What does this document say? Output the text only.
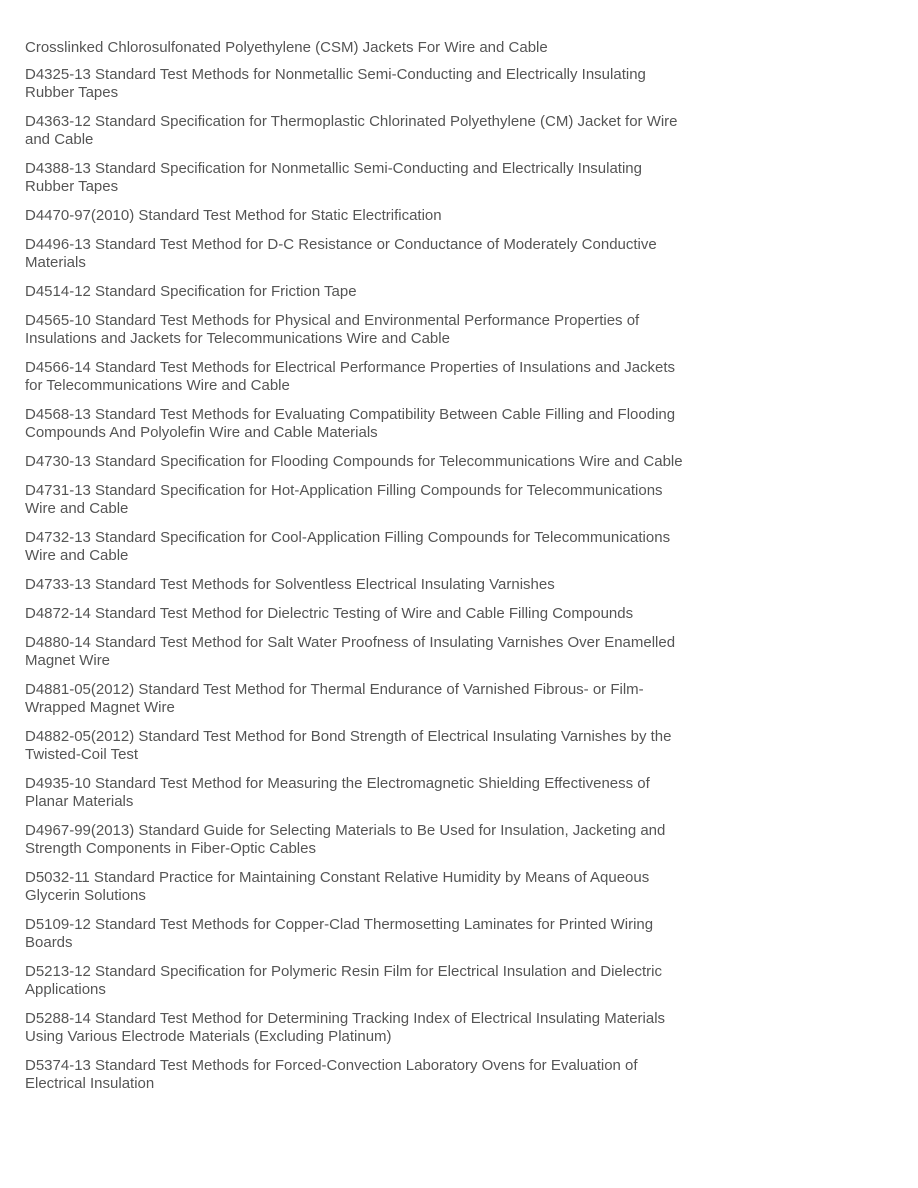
Crosslinked Chlorosulfonated Polyethylene (CSM) Jackets For Wire and Cable

D4325-13 Standard Test Methods for Nonmetallic Semi-Conducting and Electrically Insulating Rubber Tapes

D4363-12 Standard Specification for Thermoplastic Chlorinated Polyethylene (CM) Jacket for Wire and Cable

D4388-13 Standard Specification for Nonmetallic Semi-Conducting and Electrically Insulating Rubber Tapes

D4470-97(2010) Standard Test Method for Static Electrification

D4496-13 Standard Test Method for D-C Resistance or Conductance of Moderately Conductive Materials

D4514-12 Standard Specification for Friction Tape

D4565-10 Standard Test Methods for Physical and Environmental Performance Properties of Insulations and Jackets for Telecommunications Wire and Cable

D4566-14 Standard Test Methods for Electrical Performance Properties of Insulations and Jackets for Telecommunications Wire and Cable

D4568-13 Standard Test Methods for Evaluating Compatibility Between Cable Filling and Flooding Compounds And Polyolefin Wire and Cable Materials

D4730-13 Standard Specification for Flooding Compounds for Telecommunications Wire and Cable

D4731-13 Standard Specification for Hot-Application Filling Compounds for Telecommunications Wire and Cable

D4732-13 Standard Specification for Cool-Application Filling Compounds for Telecommunications Wire and Cable

D4733-13 Standard Test Methods for Solventless Electrical Insulating Varnishes

D4872-14 Standard Test Method for Dielectric Testing of Wire and Cable Filling Compounds

D4880-14 Standard Test Method for Salt Water Proofness of Insulating Varnishes Over Enamelled Magnet Wire

D4881-05(2012) Standard Test Method for Thermal Endurance of Varnished Fibrous- or Film-Wrapped Magnet Wire

D4882-05(2012) Standard Test Method for Bond Strength of Electrical Insulating Varnishes by the Twisted-Coil Test

D4935-10 Standard Test Method for Measuring the Electromagnetic Shielding Effectiveness of Planar Materials

D4967-99(2013) Standard Guide for Selecting Materials to Be Used for Insulation, Jacketing and Strength Components in Fiber-Optic Cables

D5032-11 Standard Practice for Maintaining Constant Relative Humidity by Means of Aqueous Glycerin Solutions

D5109-12 Standard Test Methods for Copper-Clad Thermosetting Laminates for Printed Wiring Boards

D5213-12 Standard Specification for Polymeric Resin Film for Electrical Insulation and Dielectric Applications

D5288-14 Standard Test Method for Determining Tracking Index of Electrical Insulating Materials Using Various Electrode Materials (Excluding Platinum)

D5374-13 Standard Test Methods for Forced-Convection Laboratory Ovens for Evaluation of Electrical Insulation
